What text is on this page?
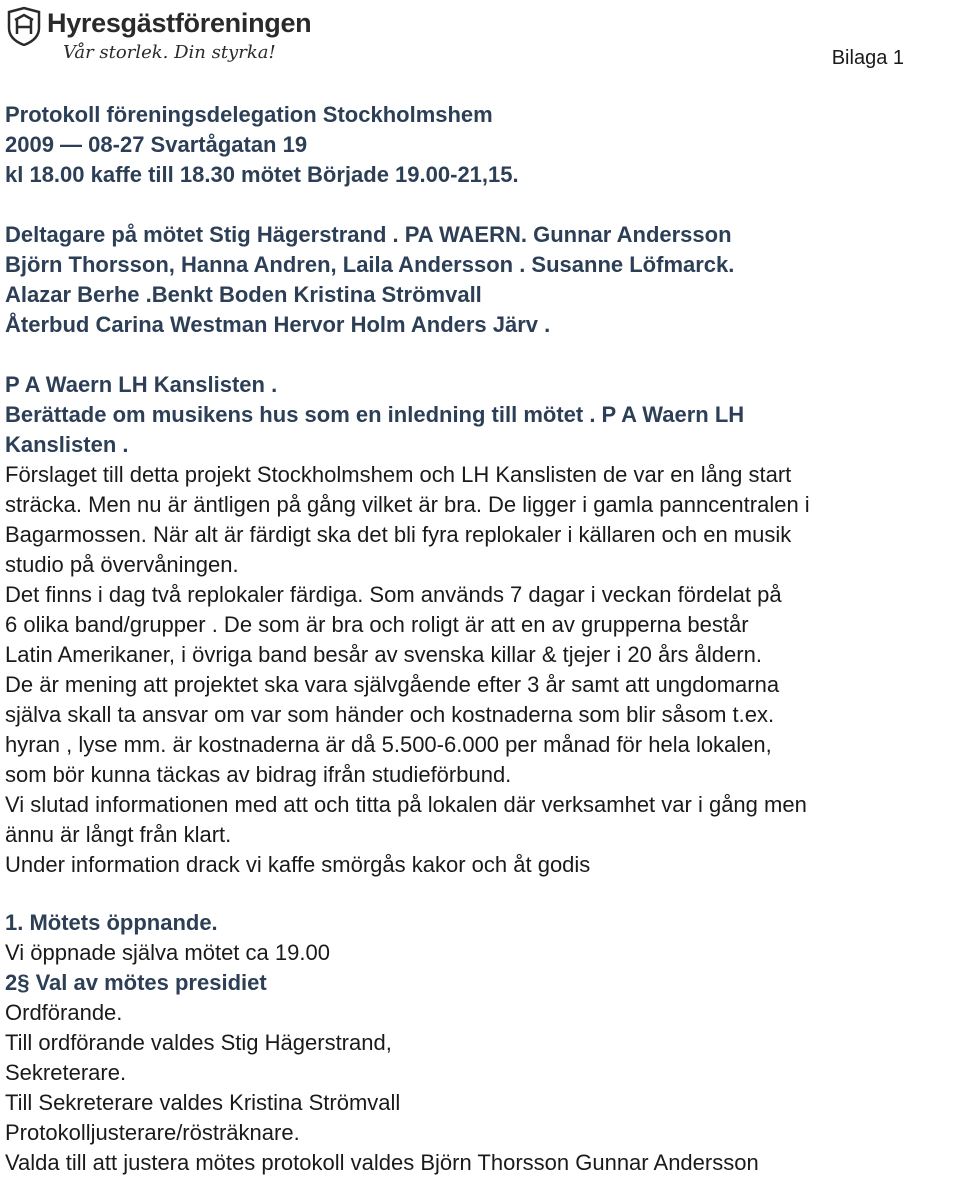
Hyresgästföreningen
Vår storlek. Din styrka!	Bilaga 1
Protokoll föreningsdelegation Stockholmshem
2009 — 08-27 Svartågatan 19
kl 18.00 kaffe till 18.30 mötet Började 19.00-21,15.
Deltagare på mötet Stig Hägerstrand . PA WAERN. Gunnar Andersson
Björn Thorsson, Hanna Andren, Laila Andersson . Susanne Löfmarck.
Alazar Berhe .Benkt Boden Kristina Strömvall
Återbud Carina Westman Hervor Holm Anders Järv .
P A Waern LH Kanslisten .
Berättade om musikens hus som en inledning till mötet . P A Waern LH
Kanslisten .
Förslaget till detta projekt Stockholmshem och LH Kanslisten de var en lång start
sträcka. Men nu är äntligen på gång vilket är bra. De ligger i gamla panncentralen i
Bagarmossen. När alt är färdigt ska det bli fyra replokaler i källaren och en musik
studio på övervåningen.
Det finns i dag två replokaler färdiga. Som används 7 dagar i veckan fördelat på
6 olika band/grupper . De som är bra och roligt är att en av grupperna består
Latin Amerikaner, i övriga band besår av svenska killar & tjejer i 20 års åldern.
De är mening att projektet ska vara självgående efter 3 år samt att ungdomarna
själva skall ta ansvar om var som händer och kostnaderna som blir såsom t.ex.
hyran , lyse mm. är kostnaderna är då 5.500-6.000 per månad för hela lokalen,
som bör kunna täckas av bidrag ifrån studieförbund.
Vi slutad informationen med att och titta på lokalen där verksamhet var i gång men
ännu är långt från klart.
Under information drack vi kaffe smörgås kakor och åt godis
1. Mötets öppnande.
Vi öppnade själva mötet ca 19.00
2§ Val av mötes presidiet
Ordförande.
Till ordförande valdes Stig Hägerstrand,
Sekreterare.
Till Sekreterare valdes Kristina Strömvall
Protokolljusterare/rösträknare.
Valda till att justera mötes protokoll valdes Björn Thorsson Gunnar Andersson
